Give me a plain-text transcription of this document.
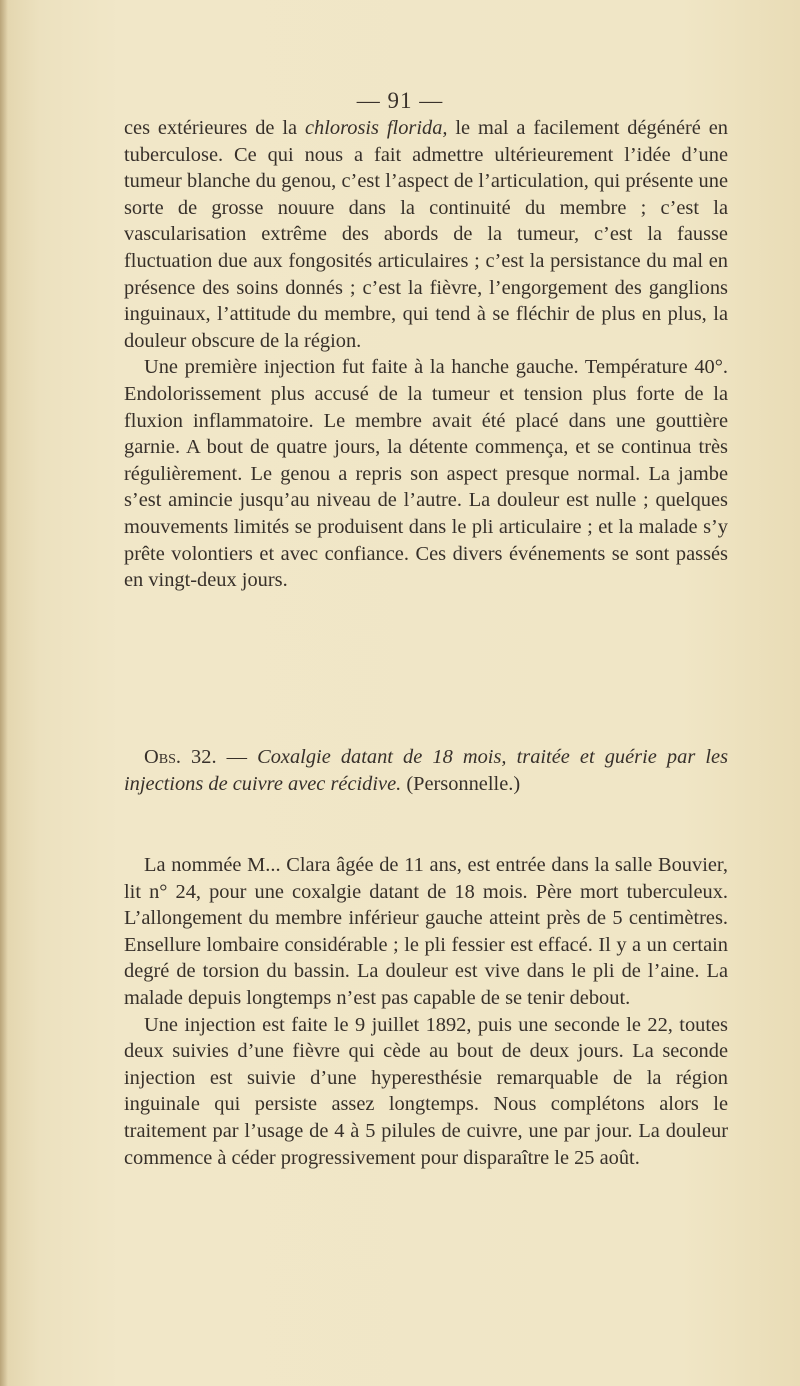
— 91 —

ces extérieures de la chlorosis florida, le mal a facilement dégénéré en tuberculose. Ce qui nous a fait admettre ultérieurement l’idée d’une tumeur blanche du genou, c’est l’aspect de l’articulation, qui présente une sorte de grosse nouure dans la continuité du membre ; c’est la vascularisation extrême des abords de la tumeur, c’est la fausse fluctuation due aux fongosités articulaires ; c’est la persistance du mal en présence des soins donnés ; c’est la fièvre, l’engorgement des ganglions inguinaux, l’attitude du membre, qui tend à se fléchir de plus en plus, la douleur obscure de la région.

Une première injection fut faite à la hanche gauche. Température 40°. Endolorissement plus accusé de la tumeur et tension plus forte de la fluxion inflammatoire. Le membre avait été placé dans une gouttière garnie. A bout de quatre jours, la détente commença, et se continua très régulièrement. Le genou a repris son aspect presque normal. La jambe s’est amincie jusqu’au niveau de l’autre. La douleur est nulle ; quelques mouvements limités se produisent dans le pli articulaire ; et la malade s’y prête volontiers et avec confiance. Ces divers événements se sont passés en vingt-deux jours.

Obs. 32. — Coxalgie datant de 18 mois, traitée et guérie par les injections de cuivre avec récidive. (Personnelle.)

La nommée M... Clara âgée de 11 ans, est entrée dans la salle Bouvier, lit n° 24, pour une coxalgie datant de 18 mois. Père mort tuberculeux. L’allongement du membre inférieur gauche atteint près de 5 centimètres. Ensellure lombaire considérable ; le pli fessier est effacé. Il y a un certain degré de torsion du bassin. La douleur est vive dans le pli de l’aine. La malade depuis longtemps n’est pas capable de se tenir debout.

Une injection est faite le 9 juillet 1892, puis une seconde le 22, toutes deux suivies d’une fièvre qui cède au bout de deux jours. La seconde injection est suivie d’une hyperesthésie remarquable de la région inguinale qui persiste assez longtemps. Nous complétons alors le traitement par l’usage de 4 à 5 pilules de cuivre, une par jour. La douleur commence à céder progressivement pour disparaître le 25 août.
